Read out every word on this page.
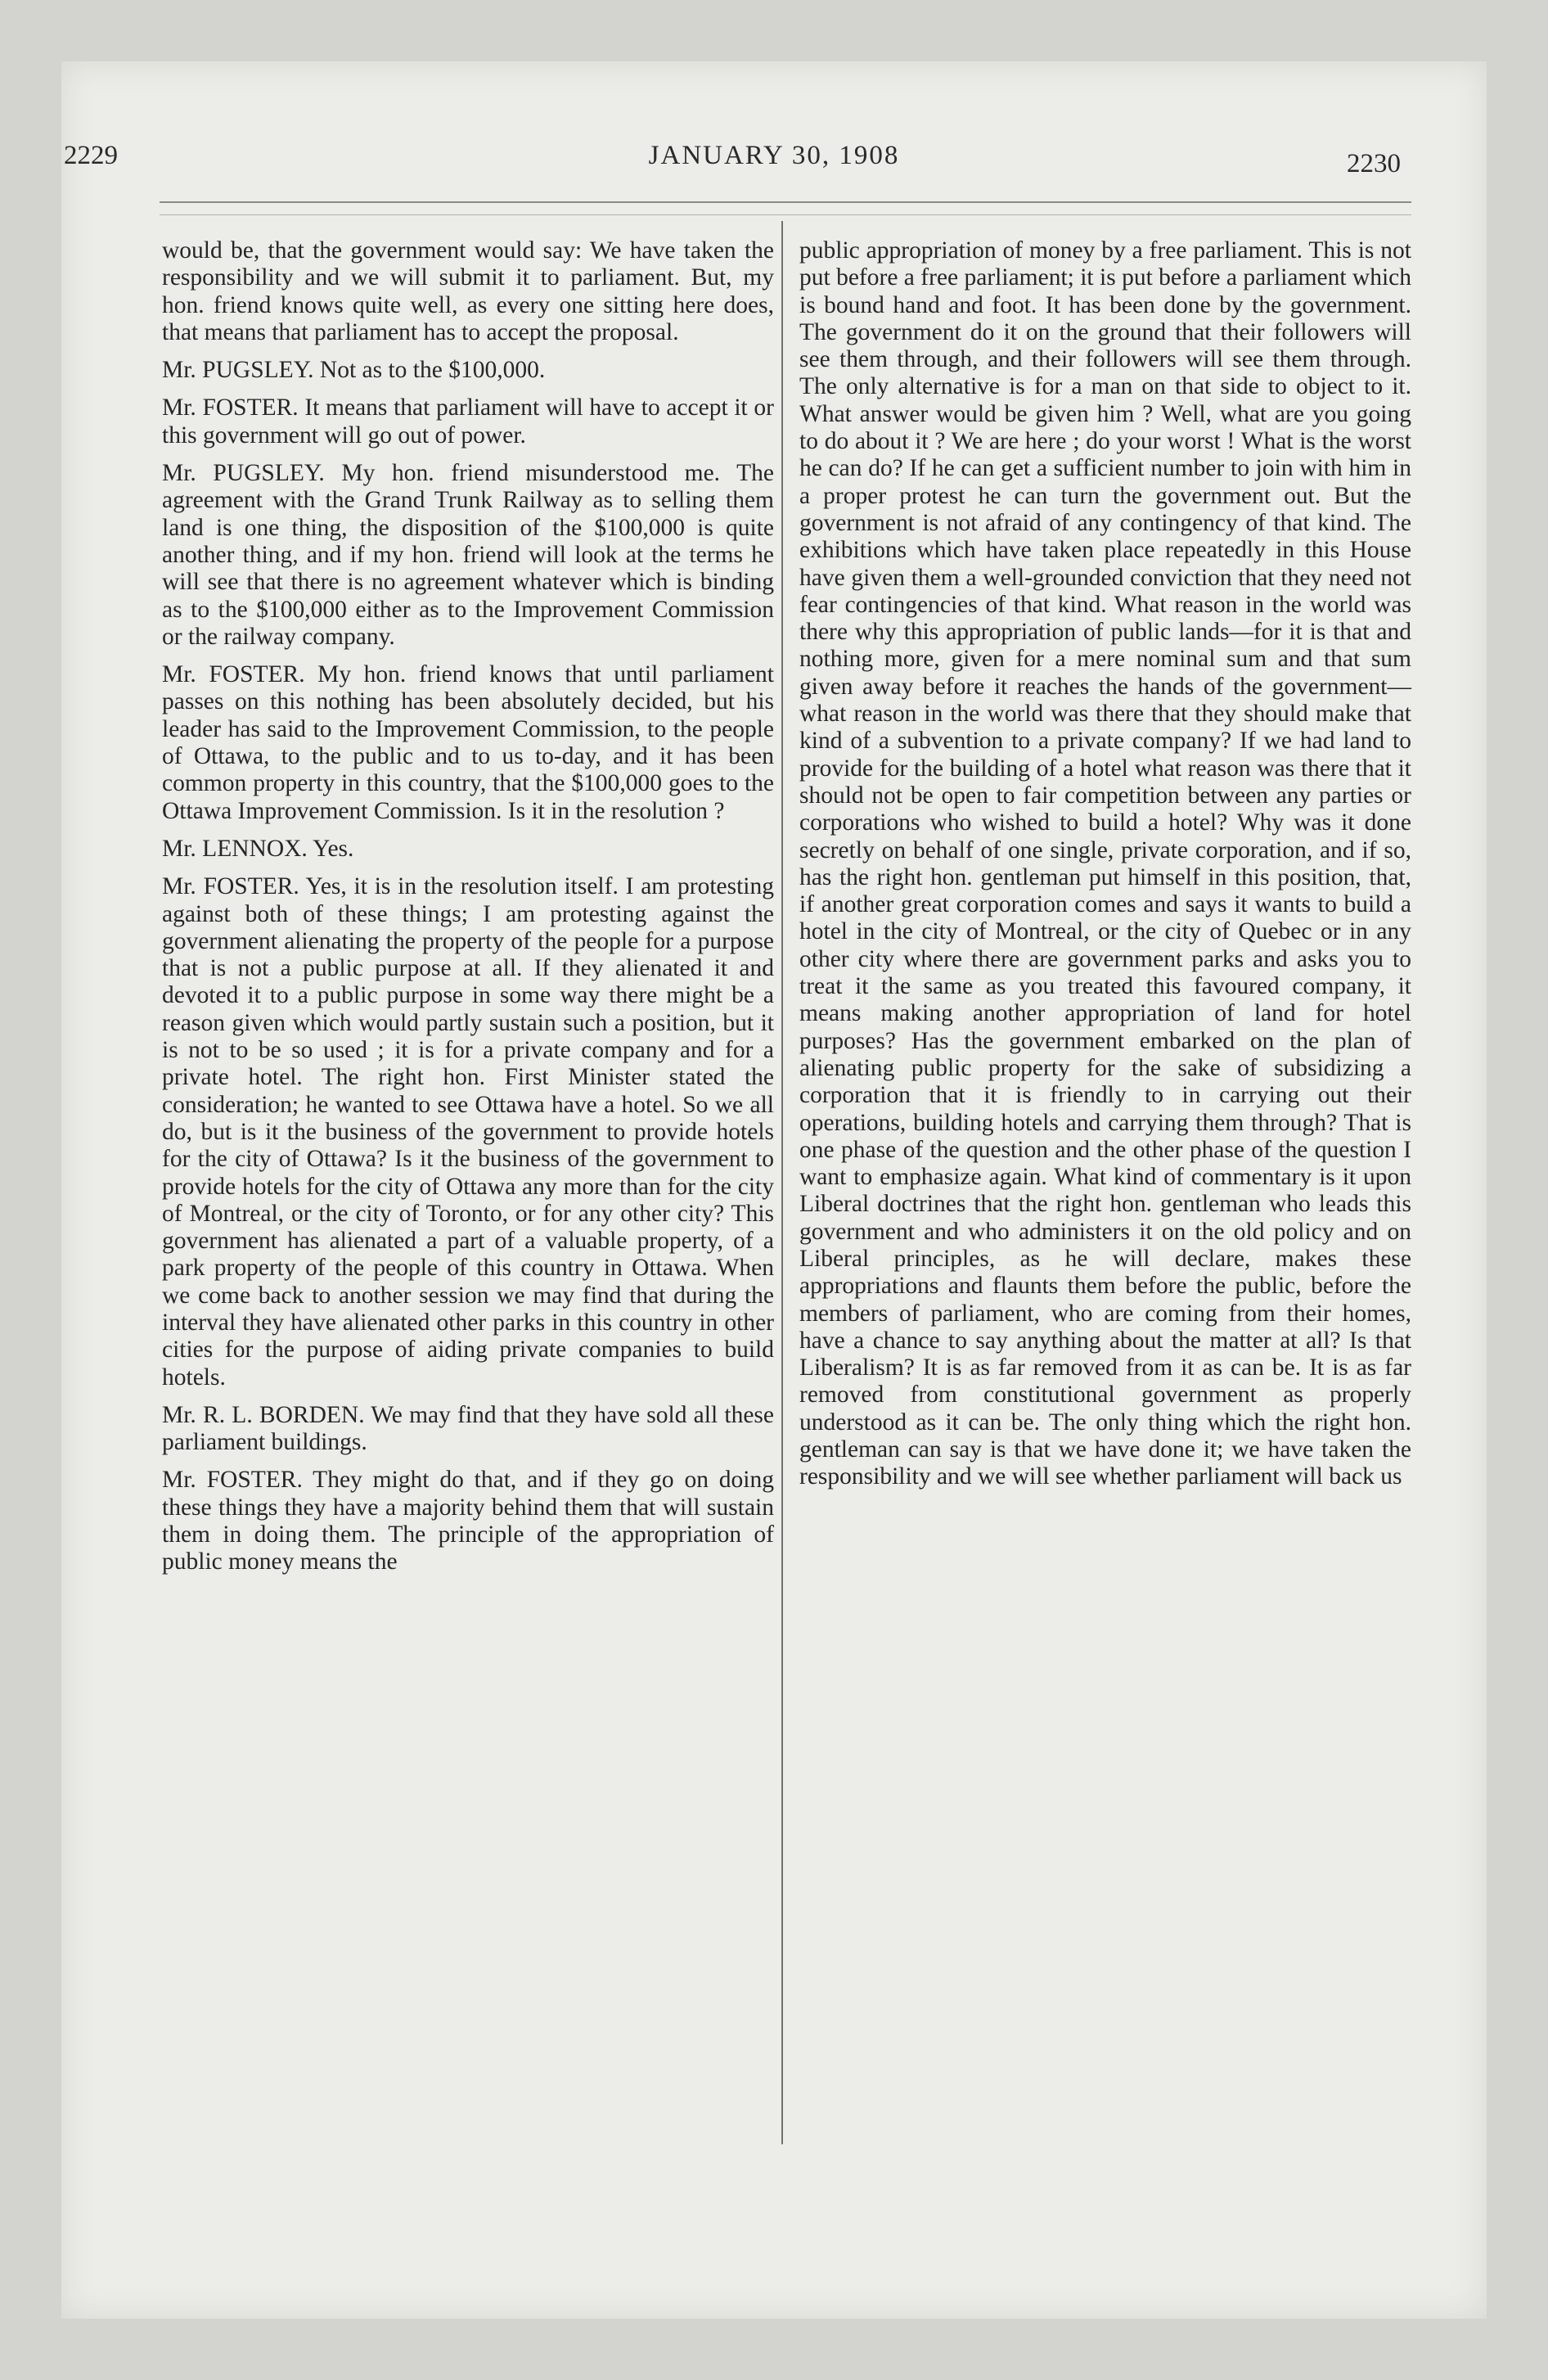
2229	JANUARY 30, 1908	2230

would be, that the government would say: We have taken the responsibility and we will submit it to parliament. But, my hon. friend knows quite well, as every one sitting here does, that means that parliament has to accept the proposal.

Mr. PUGSLEY. Not as to the $100,000.

Mr. FOSTER. It means that parliament will have to accept it or this government will go out of power.

Mr. PUGSLEY. My hon. friend misunderstood me. The agreement with the Grand Trunk Railway as to selling them land is one thing, the disposition of the $100,000 is quite another thing, and if my hon. friend will look at the terms he will see that there is no agreement whatever which is binding as to the $100,000 either as to the Improvement Commission or the railway company.

Mr. FOSTER. My hon. friend knows that until parliament passes on this nothing has been absolutely decided, but his leader has said to the Improvement Commission, to the people of Ottawa, to the public and to us to-day, and it has been common property in this country, that the $100,000 goes to the Ottawa Improvement Commission. Is it in the resolution ?

Mr. LENNOX. Yes.

Mr. FOSTER. Yes, it is in the resolution itself. I am protesting against both of these things; I am protesting against the government alienating the property of the people for a purpose that is not a public purpose at all. If they alienated it and devoted it to a public purpose in some way there might be a reason given which would partly sustain such a position, but it is not to be so used ; it is for a private company and for a private hotel. The right hon. First Minister stated the consideration; he wanted to see Ottawa have a hotel. So we all do, but is it the business of the government to provide hotels for the city of Ottawa? Is it the business of the government to provide hotels for the city of Ottawa any more than for the city of Montreal, or the city of Toronto, or for any other city? This government has alienated a part of a valuable property, of a park property of the people of this country in Ottawa. When we come back to another session we may find that during the interval they have alienated other parks in this country in other cities for the purpose of aiding private companies to build hotels.

Mr. R. L. BORDEN. We may find that they have sold all these parliament buildings.

Mr. FOSTER. They might do that, and if they go on doing these things they have a majority behind them that will sustain them in doing them. The principle of the appropriation of public money means the

public appropriation of money by a free parliament. This is not put before a free parliament; it is put before a parliament which is bound hand and foot. It has been done by the government. The government do it on the ground that their followers will see them through, and their followers will see them through. The only alternative is for a man on that side to object to it. What answer would be given him ? Well, what are you going to do about it ? We are here ; do your worst ! What is the worst he can do? If he can get a sufficient number to join with him in a proper protest he can turn the government out. But the government is not afraid of any contingency of that kind. The exhibitions which have taken place repeatedly in this House have given them a well-grounded conviction that they need not fear contingencies of that kind. What reason in the world was there why this appropriation of public lands—for it is that and nothing more, given for a mere nominal sum and that sum given away before it reaches the hands of the government—what reason in the world was there that they should make that kind of a subvention to a private company? If we had land to provide for the building of a hotel what reason was there that it should not be open to fair competition between any parties or corporations who wished to build a hotel? Why was it done secretly on behalf of one single, private corporation, and if so, has the right hon. gentleman put himself in this position, that, if another great corporation comes and says it wants to build a hotel in the city of Montreal, or the city of Quebec or in any other city where there are government parks and asks you to treat it the same as you treated this favoured company, it means making another appropriation of land for hotel purposes? Has the government embarked on the plan of alienating public property for the sake of subsidizing a corporation that it is friendly to in carrying out their operations, building hotels and carrying them through? That is one phase of the question and the other phase of the question I want to emphasize again. What kind of commentary is it upon Liberal doctrines that the right hon. gentleman who leads this government and who administers it on the old policy and on Liberal principles, as he will declare, makes these appropriations and flaunts them before the public, before the members of parliament, who are coming from their homes, have a chance to say anything about the matter at all? Is that Liberalism? It is as far removed from it as can be. It is as far removed from constitutional government as properly understood as it can be. The only thing which the right hon. gentleman can say is that we have done it; we have taken the responsibility and we will see whether parliament will back us
